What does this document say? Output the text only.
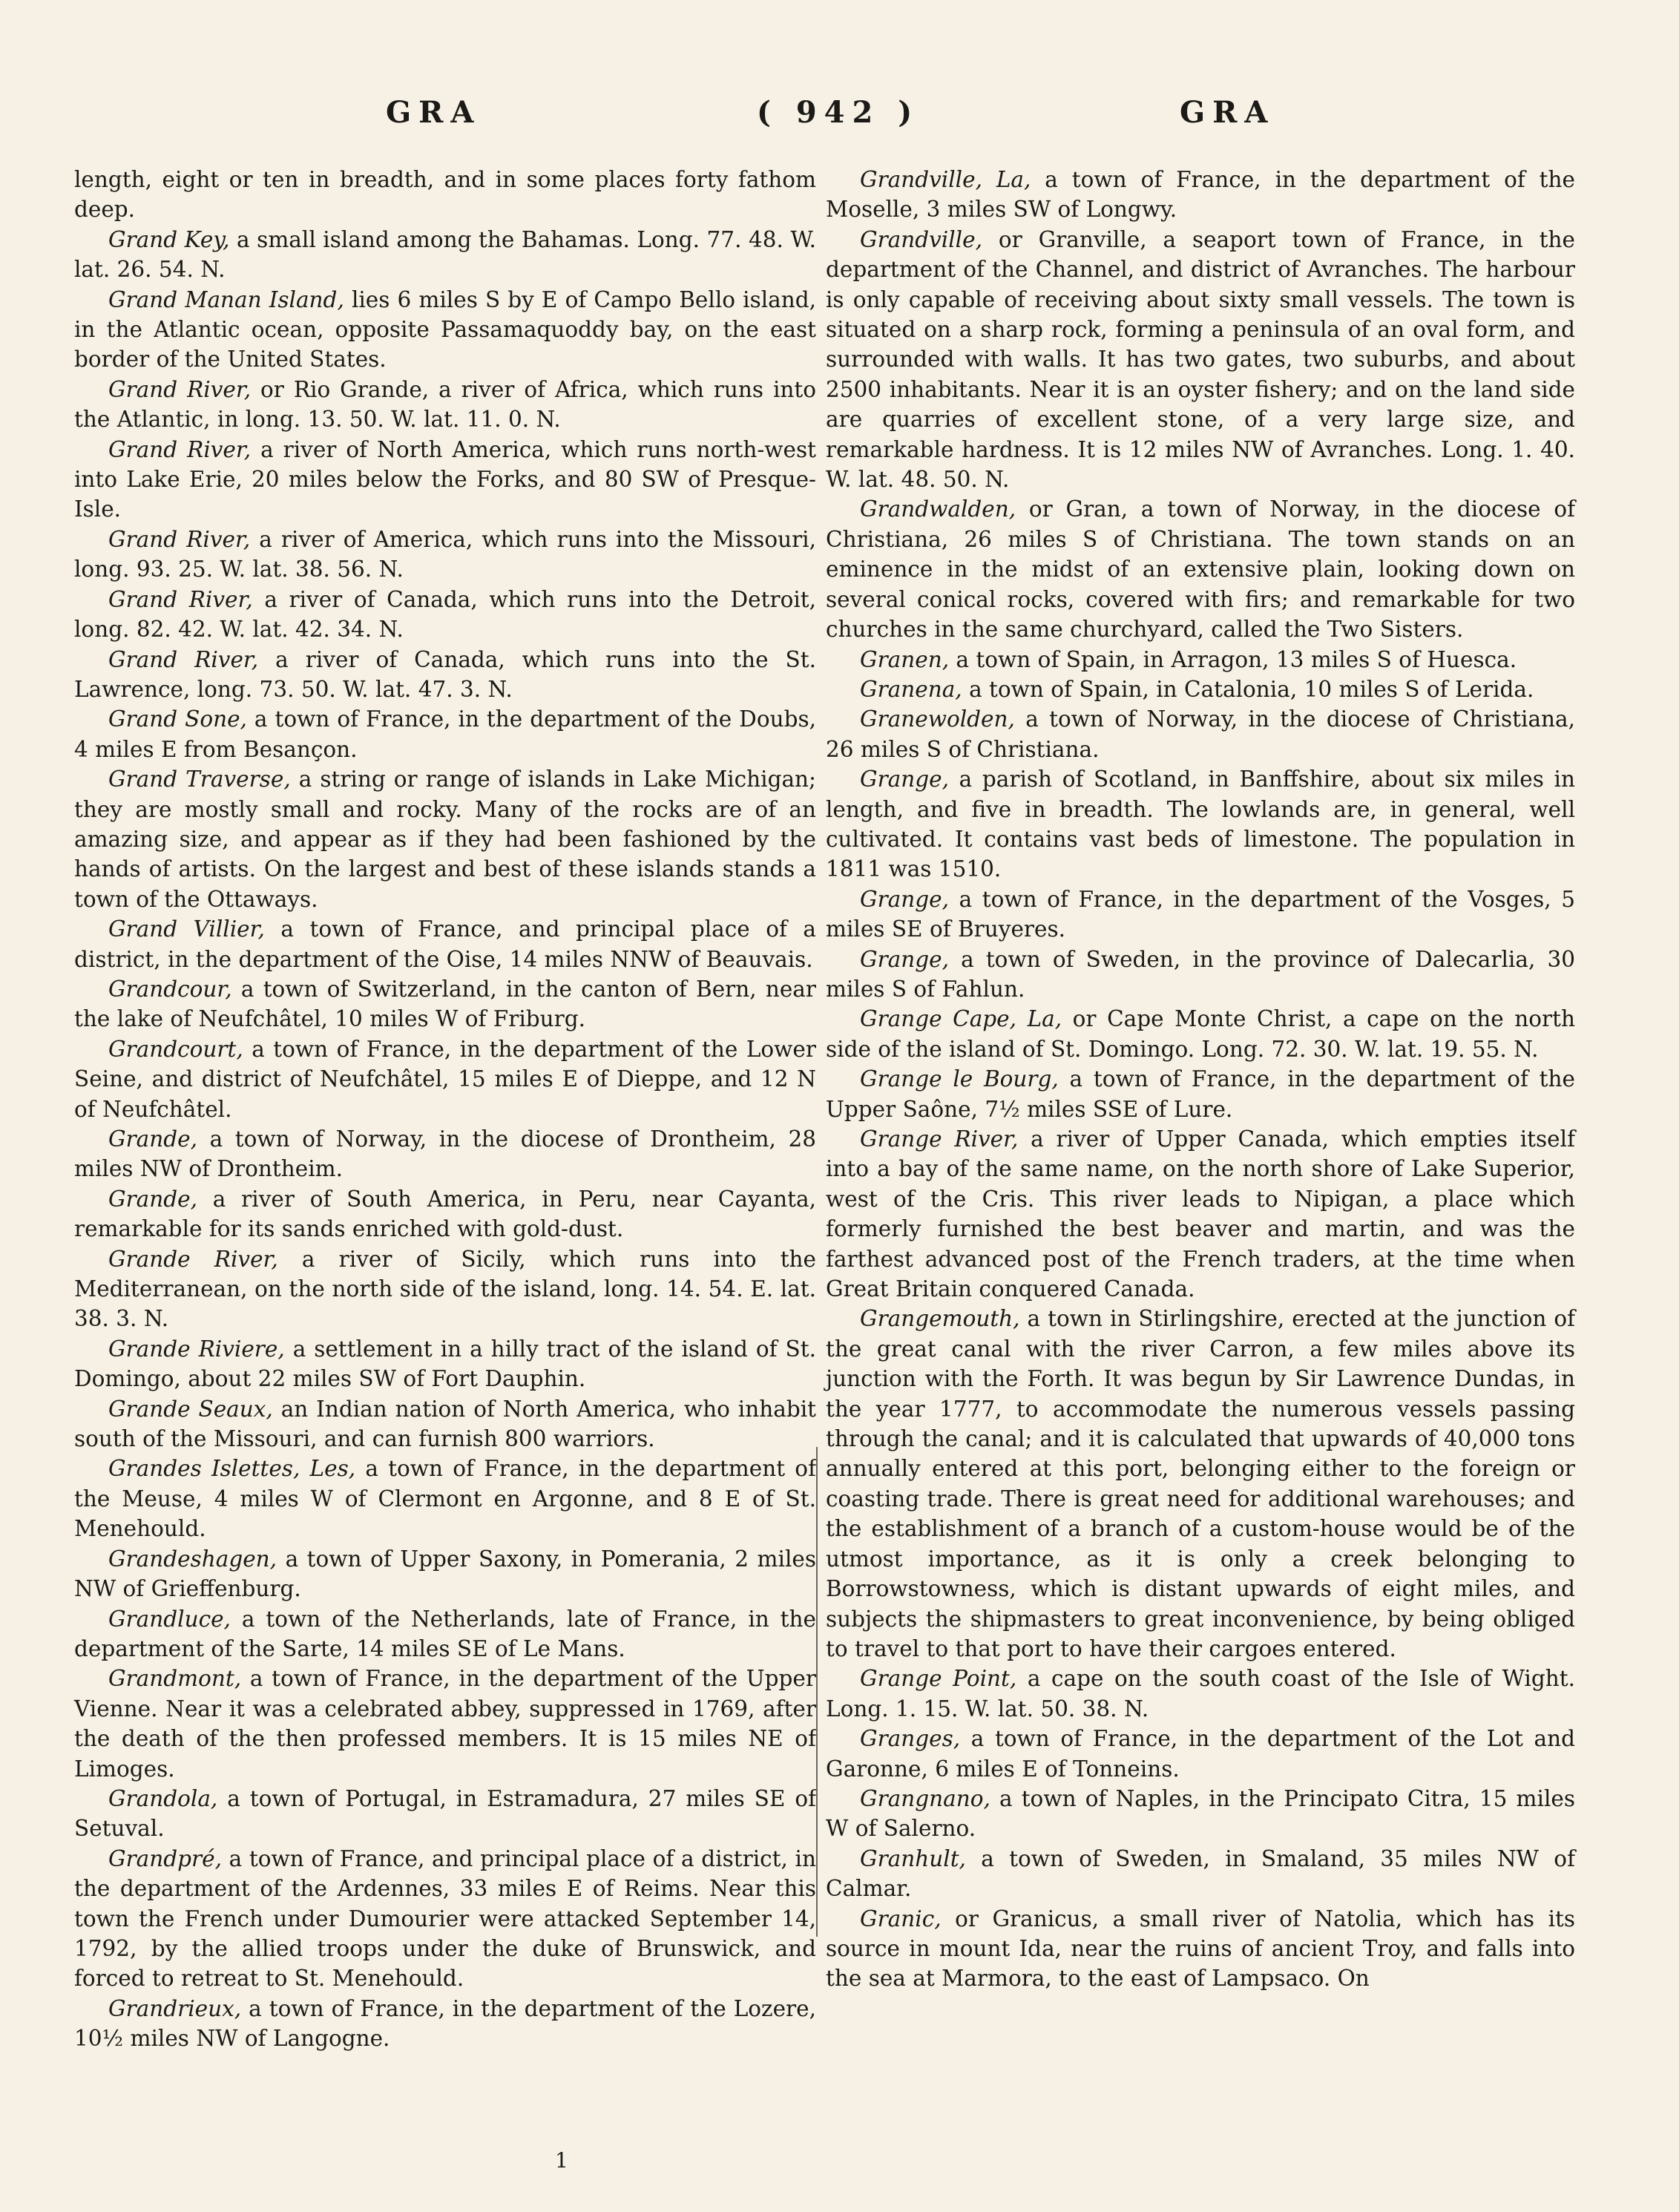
GRA	( 942 )	GRA

length, eight or ten in breadth, and in some places forty fathom deep.

Grand Key, a small island among the Bahamas. Long. 77. 48. W. lat. 26. 54. N.

Grand Manan Island, lies 6 miles S by E of Campo Bello island, in the Atlantic ocean, opposite Passamaquoddy bay, on the east border of the United States.

Grand River, or Rio Grande, a river of Africa, which runs into the Atlantic, in long. 13. 50. W. lat. 11. 0. N.

Grand River, a river of North America, which runs north-west into Lake Erie, 20 miles below the Forks, and 80 SW of Presque-Isle.

Grand River, a river of America, which runs into the Missouri, long. 93. 25. W. lat. 38. 56. N.

Grand River, a river of Canada, which runs into the Detroit, long. 82. 42. W. lat. 42. 34. N.

Grand River, a river of Canada, which runs into the St. Lawrence, long. 73. 50. W. lat. 47. 3. N.

Grand Sone, a town of France, in the department of the Doubs, 4 miles E from Besançon.

Grand Traverse, a string or range of islands in Lake Michigan; they are mostly small and rocky. Many of the rocks are of an amazing size, and appear as if they had been fashioned by the hands of artists. On the largest and best of these islands stands a town of the Ottaways.

Grand Villier, a town of France, and principal place of a district, in the department of the Oise, 14 miles NNW of Beauvais.

Grandcour, a town of Switzerland, in the canton of Bern, near the lake of Neufchâtel, 10 miles W of Friburg.

Grandcourt, a town of France, in the department of the Lower Seine, and district of Neufchâtel, 15 miles E of Dieppe, and 12 N of Neufchâtel.

Grande, a town of Norway, in the diocese of Drontheim, 28 miles NW of Drontheim.

Grande, a river of South America, in Peru, near Cayanta, remarkable for its sands enriched with gold-dust.

Grande River, a river of Sicily, which runs into the Mediterranean, on the north side of the island, long. 14. 54. E. lat. 38. 3. N.

Grande Riviere, a settlement in a hilly tract of the island of St. Domingo, about 22 miles SW of Fort Dauphin.

Grande Seaux, an Indian nation of North America, who inhabit south of the Missouri, and can furnish 800 warriors.

Grandes Islettes, Les, a town of France, in the department of the Meuse, 4 miles W of Clermont en Argonne, and 8 E of St. Menehould.

Grandeshagen, a town of Upper Saxony, in Pomerania, 2 miles NW of Grieffenburg.

Grandluce, a town of the Netherlands, late of France, in the department of the Sarte, 14 miles SE of Le Mans.

Grandmont, a town of France, in the department of the Upper Vienne. Near it was a celebrated abbey, suppressed in 1769, after the death of the then professed members. It is 15 miles NE of Limoges.

Grandola, a town of Portugal, in Estramadura, 27 miles SE of Setuval.

Grandpré, a town of France, and principal place of a district, in the department of the Ardennes, 33 miles E of Reims. Near this town the French under Dumourier were attacked September 14, 1792, by the allied troops under the duke of Brunswick, and forced to retreat to St. Menehould.

Grandrieux, a town of France, in the department of the Lozere, 10½ miles NW of Langogne.

Grandville, La, a town of France, in the department of the Moselle, 3 miles SW of Longwy.

Grandville, or Granville, a seaport town of France, in the department of the Channel, and district of Avranches. The harbour is only capable of receiving about sixty small vessels. The town is situated on a sharp rock, forming a peninsula of an oval form, and surrounded with walls. It has two gates, two suburbs, and about 2500 inhabitants. Near it is an oyster fishery; and on the land side are quarries of excellent stone, of a very large size, and remarkable hardness. It is 12 miles NW of Avranches. Long. 1. 40. W. lat. 48. 50. N.

Grandwalden, or Gran, a town of Norway, in the diocese of Christiana, 26 miles S of Christiana. The town stands on an eminence in the midst of an extensive plain, looking down on several conical rocks, covered with firs; and remarkable for two churches in the same churchyard, called the Two Sisters.

Granen, a town of Spain, in Arragon, 13 miles S of Huesca.

Granena, a town of Spain, in Catalonia, 10 miles S of Lerida.

Granewolden, a town of Norway, in the diocese of Christiana, 26 miles S of Christiana.

Grange, a parish of Scotland, in Banffshire, about six miles in length, and five in breadth. The lowlands are, in general, well cultivated. It contains vast beds of limestone. The population in 1811 was 1510.

Grange, a town of France, in the department of the Vosges, 5 miles SE of Bruyeres.

Grange, a town of Sweden, in the province of Dalecarlia, 30 miles S of Fahlun.

Grange Cape, La, or Cape Monte Christ, a cape on the north side of the island of St. Domingo. Long. 72. 30. W. lat. 19. 55. N.

Grange le Bourg, a town of France, in the department of the Upper Saône, 7½ miles SSE of Lure.

Grange River, a river of Upper Canada, which empties itself into a bay of the same name, on the north shore of Lake Superior, west of the Cris. This river leads to Nipigan, a place which formerly furnished the best beaver and martin, and was the farthest advanced post of the French traders, at the time when Great Britain conquered Canada.

Grangemouth, a town in Stirlingshire, erected at the junction of the great canal with the river Carron, a few miles above its junction with the Forth. It was begun by Sir Lawrence Dundas, in the year 1777, to accommodate the numerous vessels passing through the canal; and it is calculated that upwards of 40,000 tons annually entered at this port, belonging either to the foreign or coasting trade. There is great need for additional warehouses; and the establishment of a branch of a custom-house would be of the utmost importance, as it is only a creek belonging to Borrowstowness, which is distant upwards of eight miles, and subjects the shipmasters to great inconvenience, by being obliged to travel to that port to have their cargoes entered.

Grange Point, a cape on the south coast of the Isle of Wight. Long. 1. 15. W. lat. 50. 38. N.

Granges, a town of France, in the department of the Lot and Garonne, 6 miles E of Tonneins.

Grangnano, a town of Naples, in the Principato Citra, 15 miles W of Salerno.

Granhult, a town of Sweden, in Smaland, 35 miles NW of Calmar.

Granic, or Granicus, a small river of Natolia, which has its source in mount Ida, near the ruins of ancient Troy, and falls into the sea at Marmora, to the east of Lampsaco. On

1
